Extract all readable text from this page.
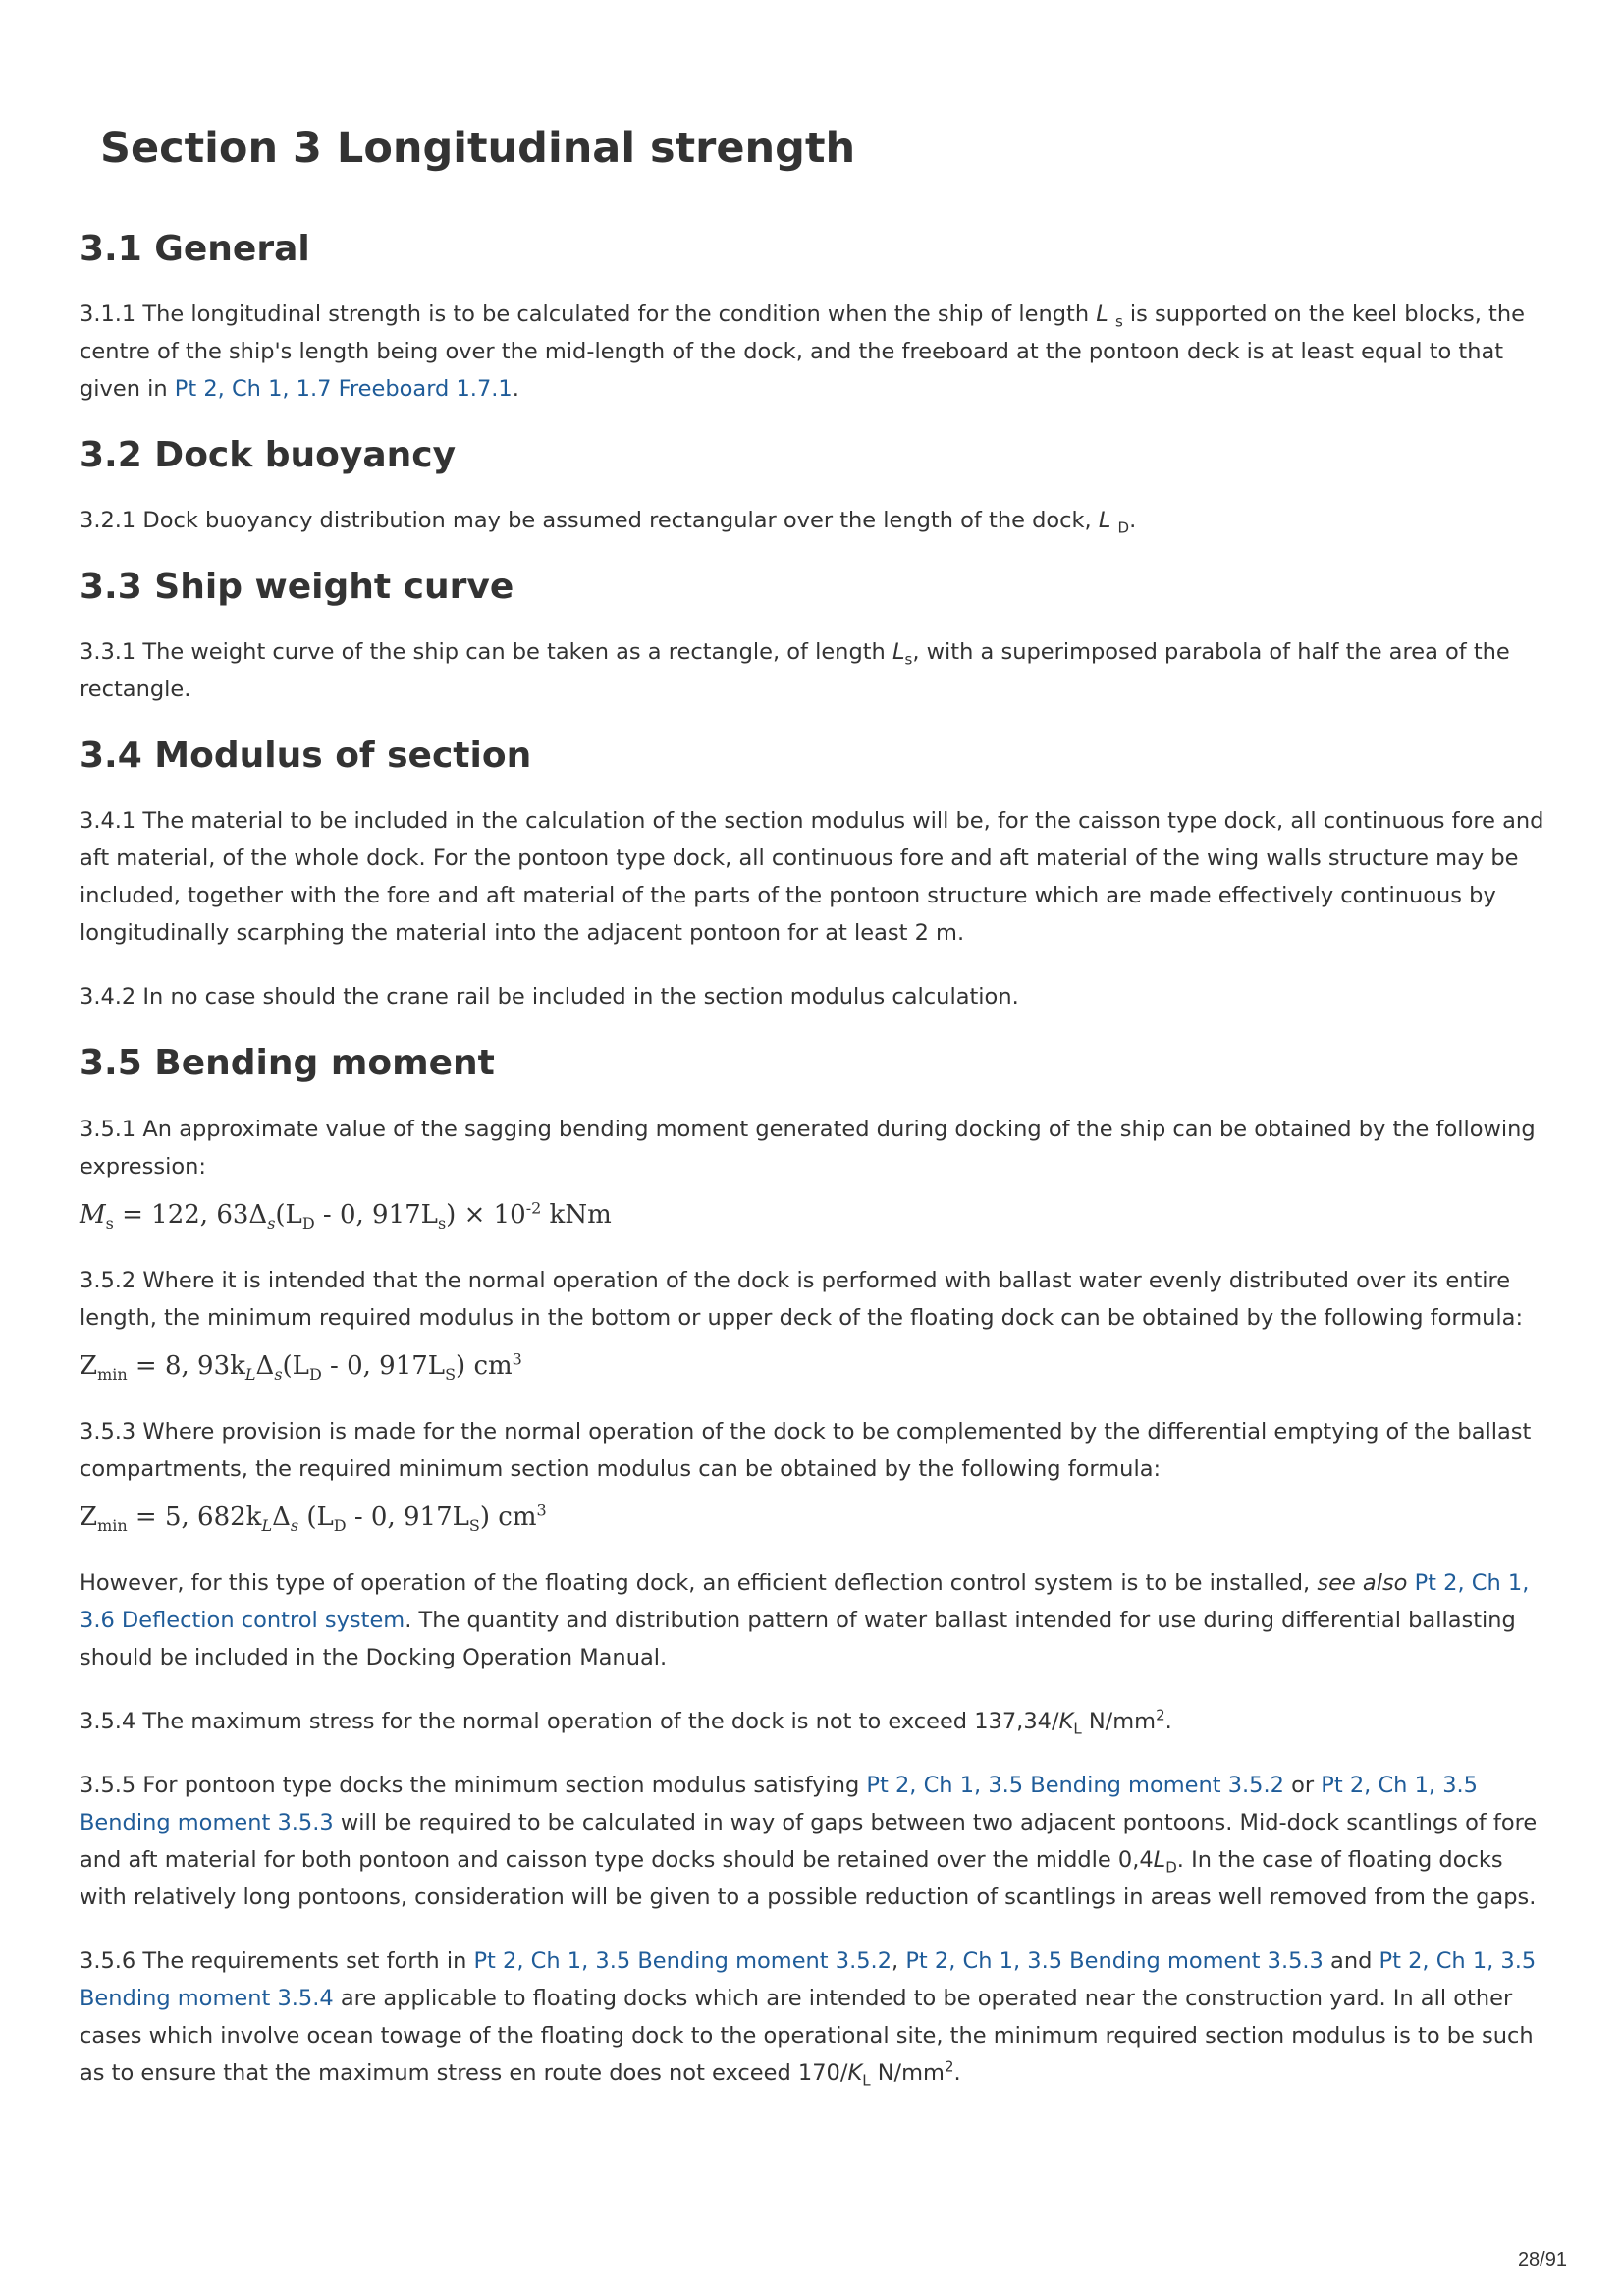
Section 3 Longitudinal strength
3.1 General

3.1.1 The longitudinal strength is to be calculated for the condition when the ship of length L $_s$ is supported on the keel blocks, the centre of the ship's length being over the mid-length of the dock, and the freeboard at the pontoon deck is at least equal to that given in Pt 2, Ch 1, 1.7 Freeboard 1.7.1.

3.2 Dock buoyancy

3.2.1 Dock buoyancy distribution may be assumed rectangular over the length of the dock, L $_D$.

3.3 Ship weight curve

3.3.1 The weight curve of the ship can be taken as a rectangle, of length $L_s$, with a superimposed parabola of half the area of the rectangle.

3.4 Modulus of section

3.4.1 The material to be included in the calculation of the section modulus will be, for the caisson type dock, all continuous fore and aft material, of the whole dock. For the pontoon type dock, all continuous fore and aft material of the wing walls structure may be included, together with the fore and aft material of the parts of the pontoon structure which are made effectively continuous by longitudinally scarphing the material into the adjacent pontoon for at least 2 m.

3.4.2 In no case should the crane rail be included in the section modulus calculation.

3.5 Bending moment

3.5.1 An approximate value of the sagging bending moment generated during docking of the ship can be obtained by the following expression:

$M_s = 122$, $63\Delta_s(L_D - 0$, $917L_s) \times 10^{-2}$ kNm

3.5.2 Where it is intended that the normal operation of the dock is performed with ballast water evenly distributed over its entire length, the minimum required modulus in the bottom or upper deck of the floating dock can be obtained by the following formula:

$Z_{min} = 8$, $93k_L\Delta_s(L_D - 0$, $917L_S$) $cm^3$

3.5.3 Where provision is made for the normal operation of the dock to be complemented by the differential emptying of the ballast compartments, the required minimum section modulus can be obtained by the following formula:

$Z_{min} = 5$, $682k_L\Delta_s$ ($L_D - 0$, $917L_S$) $cm^3$

However, for this type of operation of the floating dock, an efficient deflection control system is to be installed, see also Pt 2, Ch 1, 3.6 Deflection control system. The quantity and distribution pattern of water ballast intended for use during differential ballasting should be included in the Docking Operation Manual.

3.5.4 The maximum stress for the normal operation of the dock is not to exceed $137,34/K_L$ $N/mm^2$.

3.5.5 For pontoon type docks the minimum section modulus satisfying Pt 2, Ch 1, 3.5 Bending moment 3.5.2 or Pt 2, Ch 1, 3.5 Bending moment 3.5.3 will be required to be calculated in way of gaps between two adjacent pontoons. Mid-dock scantlings of fore and aft material for both pontoon and caisson type docks should be retained over the middle $0,4L_D$. In the case of floating docks with relatively long pontoons, consideration will be given to a possible reduction of scantlings in areas well removed from the gaps.

3.5.6 The requirements set forth in Pt 2, Ch 1, 3.5 Bending moment 3.5.2, Pt 2, Ch 1, 3.5 Bending moment 3.5.3 and Pt 2, Ch 1, 3.5 Bending moment 3.5.4 are applicable to floating docks which are intended to be operated near the construction yard. In all other cases which involve ocean towage of the floating dock to the operational site, the minimum required section modulus is to be such as to ensure that the maximum stress en route does not exceed $170/K_L$ $N/mm^2$.

28/91
